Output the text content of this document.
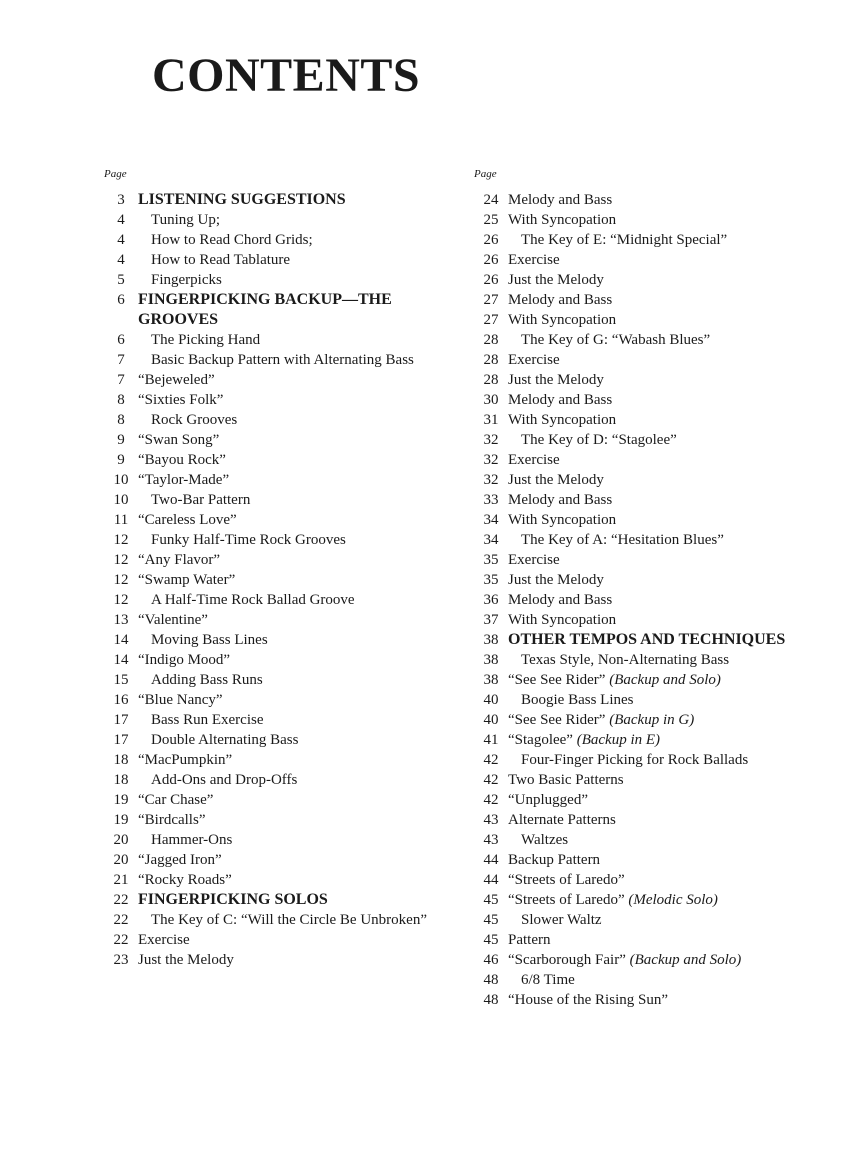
CONTENTS
Page
3 LISTENING SUGGESTIONS
4	Tuning Up;
4	How to Read Chord Grids;
4	How to Read Tablature
5	Fingerpicks
6 FINGERPICKING BACKUP—THE GROOVES
6	The Picking Hand
7	Basic Backup Pattern with Alternating Bass
7 “Bejeweled”
8 “Sixties Folk”
8	Rock Grooves
9 “Swan Song”
9 “Bayou Rock”
10 “Taylor-Made”
10	Two-Bar Pattern
11 “Careless Love”
12	Funky Half-Time Rock Grooves
12 “Any Flavor”
12 “Swamp Water”
12	A Half-Time Rock Ballad Groove
13 “Valentine”
14	Moving Bass Lines
14 “Indigo Mood”
15	Adding Bass Runs
16 “Blue Nancy”
17	Bass Run Exercise
17	Double Alternating Bass
18 “MacPumpkin”
18	Add-Ons and Drop-Offs
19 “Car Chase”
19 “Birdcalls”
20	Hammer-Ons
20 “Jagged Iron”
21 “Rocky Roads”
22 FINGERPICKING SOLOS
22	The Key of C: “Will the Circle Be Unbroken”
22 Exercise
23 Just the Melody
Page
24 Melody and Bass
25 With Syncopation
26	The Key of E: “Midnight Special”
26 Exercise
26 Just the Melody
27 Melody and Bass
27 With Syncopation
28	The Key of G: “Wabash Blues”
28 Exercise
28 Just the Melody
30 Melody and Bass
31 With Syncopation
32	The Key of D: “Stagolee”
32 Exercise
32 Just the Melody
33 Melody and Bass
34 With Syncopation
34	The Key of A: “Hesitation Blues”
35 Exercise
35 Just the Melody
36 Melody and Bass
37 With Syncopation
38 OTHER TEMPOS AND TECHNIQUES
38	Texas Style, Non-Alternating Bass
38 “See See Rider” (Backup and Solo)
40	Boogie Bass Lines
40 “See See Rider” (Backup in G)
41 “Stagolee” (Backup in E)
42	Four-Finger Picking for Rock Ballads
42 Two Basic Patterns
42 “Unplugged”
43 Alternate Patterns
43	Waltzes
44 Backup Pattern
44 “Streets of Laredo”
45 “Streets of Laredo” (Melodic Solo)
45	Slower Waltz
45 Pattern
46 “Scarborough Fair” (Backup and Solo)
48	6/8 Time
48 “House of the Rising Sun”
